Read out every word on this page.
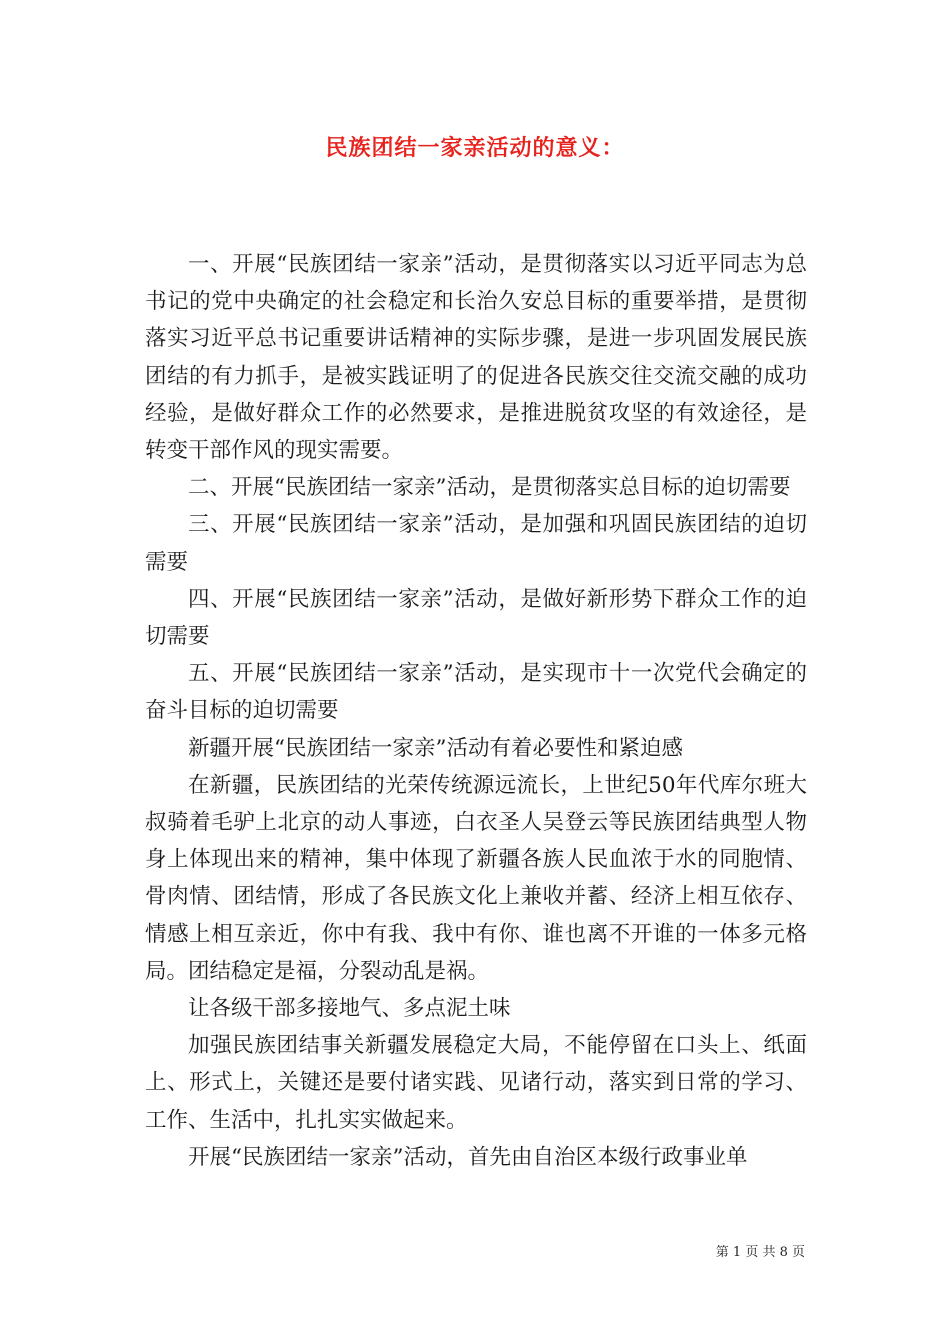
民族团结一家亲活动的意义：

一、开展“民族团结一家亲”活动，是贯彻落实以习近平同志为总书记的党中央确定的社会稳定和长治久安总目标的重要举措，是贯彻落实习近平总书记重要讲话精神的实际步骤，是进一步巩固发展民族团结的有力抓手，是被实践证明了的促进各民族交往交流交融的成功经验，是做好群众工作的必然要求，是推进脱贫攻坚的有效途径，是转变干部作风的现实需要。

二、开展“民族团结一家亲”活动，是贯彻落实总目标的迫切需要

三、开展“民族团结一家亲”活动，是加强和巩固民族团结的迫切需要

四、开展“民族团结一家亲”活动，是做好新形势下群众工作的迫切需要

五、开展“民族团结一家亲”活动，是实现市十一次党代会确定的奋斗目标的迫切需要

新疆开展“民族团结一家亲”活动有着必要性和紧迫感

在新疆，民族团结的光荣传统源远流长，上世纪50年代库尔班大叔骑着毛驴上北京的动人事迹，白衣圣人吴登云等民族团结典型人物身上体现出来的精神，集中体现了新疆各族人民血浓于水的同胞情、骨肉情、团结情，形成了各民族文化上兼收并蓄、经济上相互依存、情感上相互亲近，你中有我、我中有你、谁也离不开谁的一体多元格局。团结稳定是福，分裂动乱是祸。

让各级干部多接地气、多点泥土味

加强民族团结事关新疆发展稳定大局，不能停留在口头上、纸面上、形式上，关键还是要付诸实践、见诸行动，落实到日常的学习、工作、生活中，扎扎实实做起来。

开展“民族团结一家亲”活动，首先由自治区本级行政事业单

第 1 页 共 8 页
